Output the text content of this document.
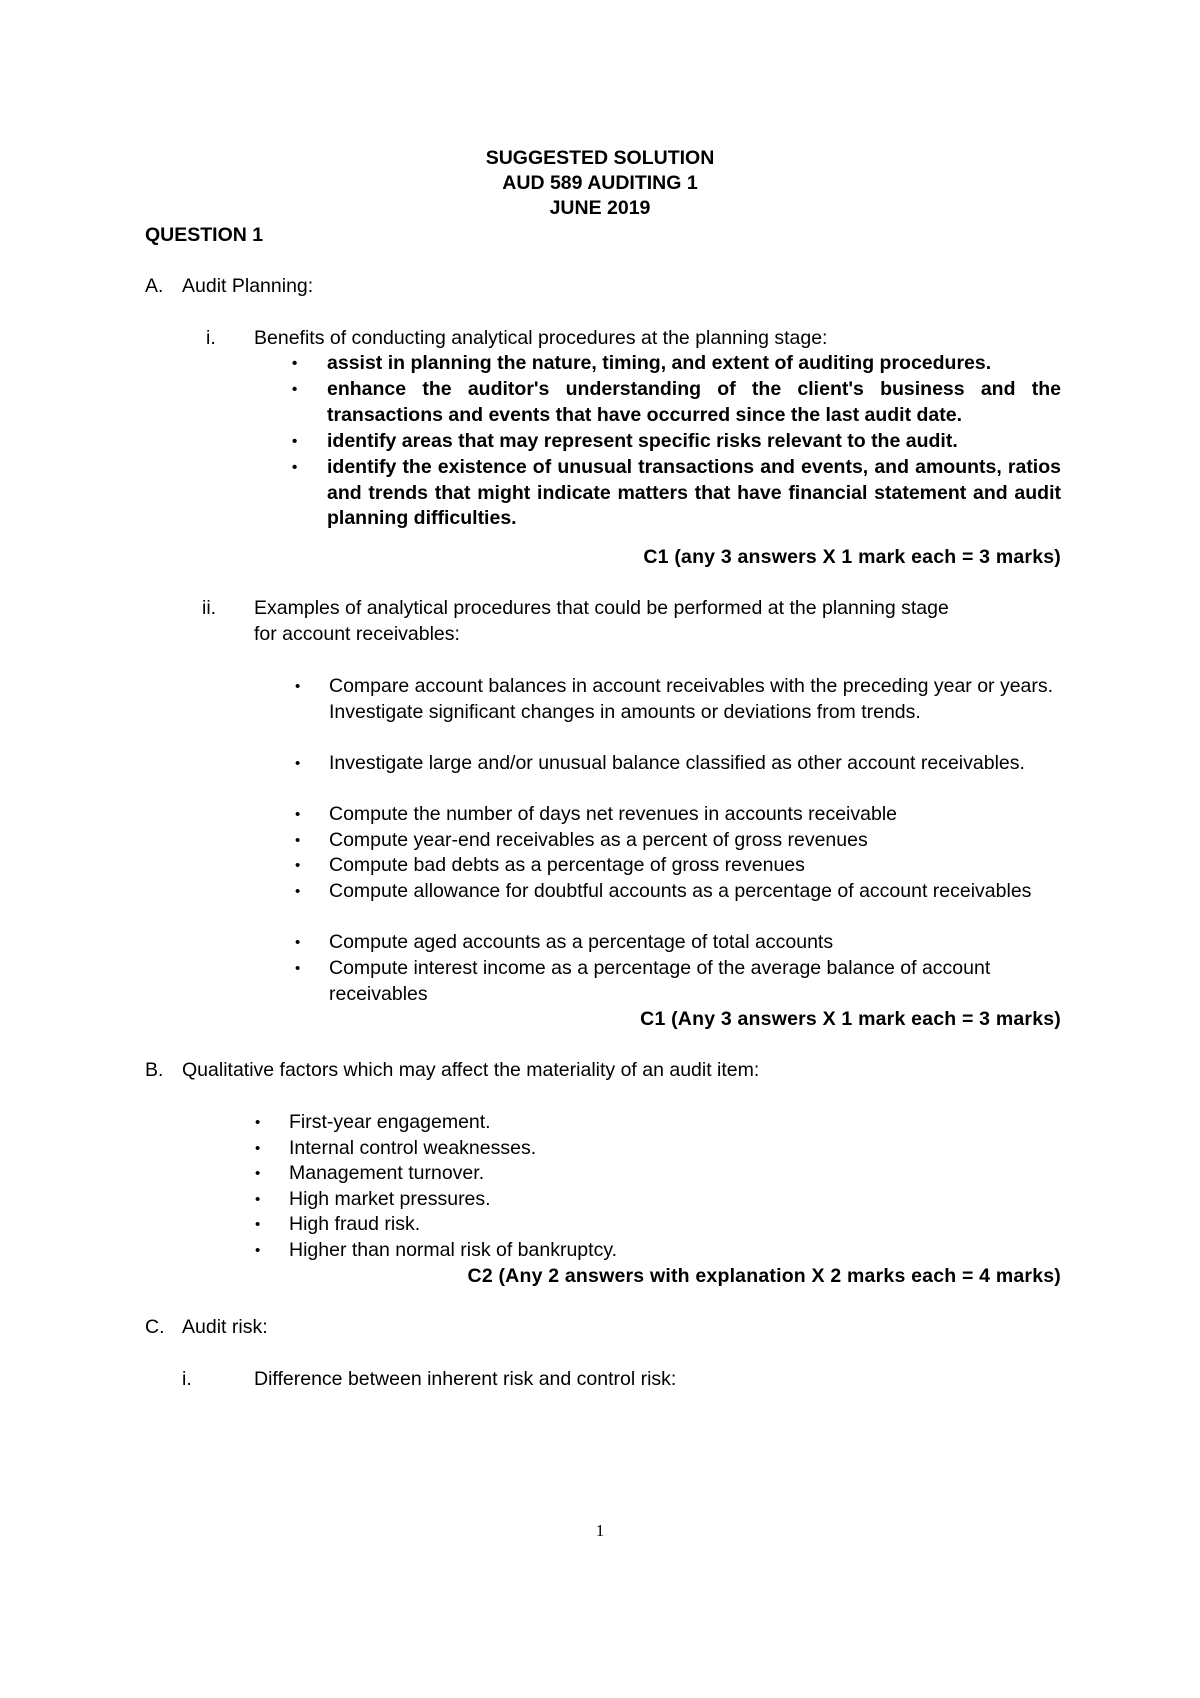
SUGGESTED SOLUTION
AUD 589 AUDITING 1
JUNE 2019
QUESTION 1
A. Audit Planning:
i. Benefits of conducting analytical procedures at the planning stage:
• assist in planning the nature, timing, and extent of auditing procedures.
• enhance the auditor's understanding of the client's business and the transactions and events that have occurred since the last audit date.
• identify areas that may represent specific risks relevant to the audit.
• identify the existence of unusual transactions and events, and amounts, ratios and trends that might indicate matters that have financial statement and audit planning difficulties.
C1 (any 3 answers X 1 mark each = 3 marks)
ii. Examples of analytical procedures that could be performed at the planning stage
for account receivables:
• Compare account balances in account receivables with the preceding year or years. Investigate significant changes in amounts or deviations from trends.
• Investigate large and/or unusual balance classified as other account receivables.
• Compute the number of days net revenues in accounts receivable
• Compute year-end receivables as a percent of gross revenues
• Compute bad debts as a percentage of gross revenues
• Compute allowance for doubtful accounts as a percentage of account receivables
• Compute aged accounts as a percentage of total accounts
• Compute interest income as a percentage of the average balance of account receivables
C1 (Any 3 answers X 1 mark each = 3 marks)
B. Qualitative factors which may affect the materiality of an audit item:
• First-year engagement.
• Internal control weaknesses.
• Management turnover.
• High market pressures.
• High fraud risk.
• Higher than normal risk of bankruptcy.
C2 (Any 2 answers with explanation X 2 marks each = 4 marks)
C. Audit risk:
i.	Difference between inherent risk and control risk:
1
